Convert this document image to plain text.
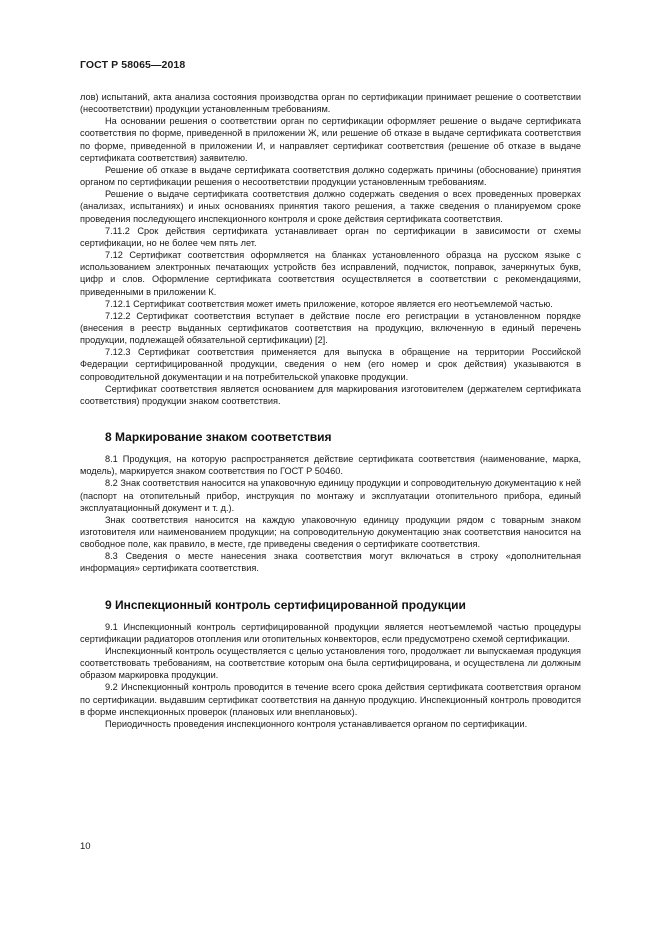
ГОСТ Р 58065—2018

лов) испытаний, акта анализа состояния производства орган по сертификации принимает решение о соответствии (несоответствии) продукции установленным требованиям.

На основании решения о соответствии орган по сертификации оформляет решение о выдаче сертификата соответствия по форме, приведенной в приложении Ж, или решение об отказе в выдаче сертификата соответствия по форме, приведенной в приложении И, и направляет сертификат соответствия (решение об отказе в выдаче сертификата соответствия) заявителю.

Решение об отказе в выдаче сертификата соответствия должно содержать причины (обоснование) принятия органом по сертификации решения о несоответствии продукции установленным требованиям.

Решение о выдаче сертификата соответствия должно содержать сведения о всех проведенных проверках (анализах, испытаниях) и иных основаниях принятия такого решения, а также сведения о планируемом сроке проведения последующего инспекционного контроля и сроке действия сертификата соответствия.

7.11.2 Срок действия сертификата устанавливает орган по сертификации в зависимости от схемы сертификации, но не более чем пять лет.

7.12 Сертификат соответствия оформляется на бланках установленного образца на русском языке с использованием электронных печатающих устройств без исправлений, подчисток, поправок, зачеркнутых букв, цифр и слов. Оформление сертификата соответствия осуществляется в соответствии с рекомендациями, приведенными в приложении К.

7.12.1 Сертификат соответствия может иметь приложение, которое является его неотъемлемой частью.

7.12.2 Сертификат соответствия вступает в действие после его регистрации в установленном порядке (внесения в реестр выданных сертификатов соответствия на продукцию, включенную в единый перечень продукции, подлежащей обязательной сертификации) [2].

7.12.3 Сертификат соответствия применяется для выпуска в обращение на территории Российской Федерации сертифицированной продукции, сведения о нем (его номер и срок действия) указываются в сопроводительной документации и на потребительской упаковке продукции.

Сертификат соответствия является основанием для маркирования изготовителем (держателем сертификата соответствия) продукции знаком соответствия.

8 Маркирование знаком соответствия

8.1 Продукция, на которую распространяется действие сертификата соответствия (наименование, марка, модель), маркируется знаком соответствия по ГОСТ Р 50460.

8.2 Знак соответствия наносится на упаковочную единицу продукции и сопроводительную документацию к ней (паспорт на отопительный прибор, инструкция по монтажу и эксплуатации отопительного прибора, единый эксплуатационный документ и т. д.).

Знак соответствия наносится на каждую упаковочную единицу продукции рядом с товарным знаком изготовителя или наименованием продукции; на сопроводительную документацию знак соответствия наносится на свободное поле, как правило, в месте, где приведены сведения о сертификате соответствия.

8.3 Сведения о месте нанесения знака соответствия могут включаться в строку «дополнительная информация» сертификата соответствия.

9 Инспекционный контроль сертифицированной продукции

9.1 Инспекционный контроль сертифицированной продукции является неотъемлемой частью процедуры сертификации радиаторов отопления или отопительных конвекторов, если предусмотрено схемой сертификации.

Инспекционный контроль осуществляется с целью установления того, продолжает ли выпускаемая продукция соответствовать требованиям, на соответствие которым она была сертифицирована, и осуществлена ли должным образом маркировка продукции.

9.2 Инспекционный контроль проводится в течение всего срока действия сертификата соответствия органом по сертификации. выдавшим сертификат соответствия на данную продукцию. Инспекционный контроль проводится в форме инспекционных проверок (плановых или внеплановых).

Периодичность проведения инспекционного контроля устанавливается органом по сертификации.

10
